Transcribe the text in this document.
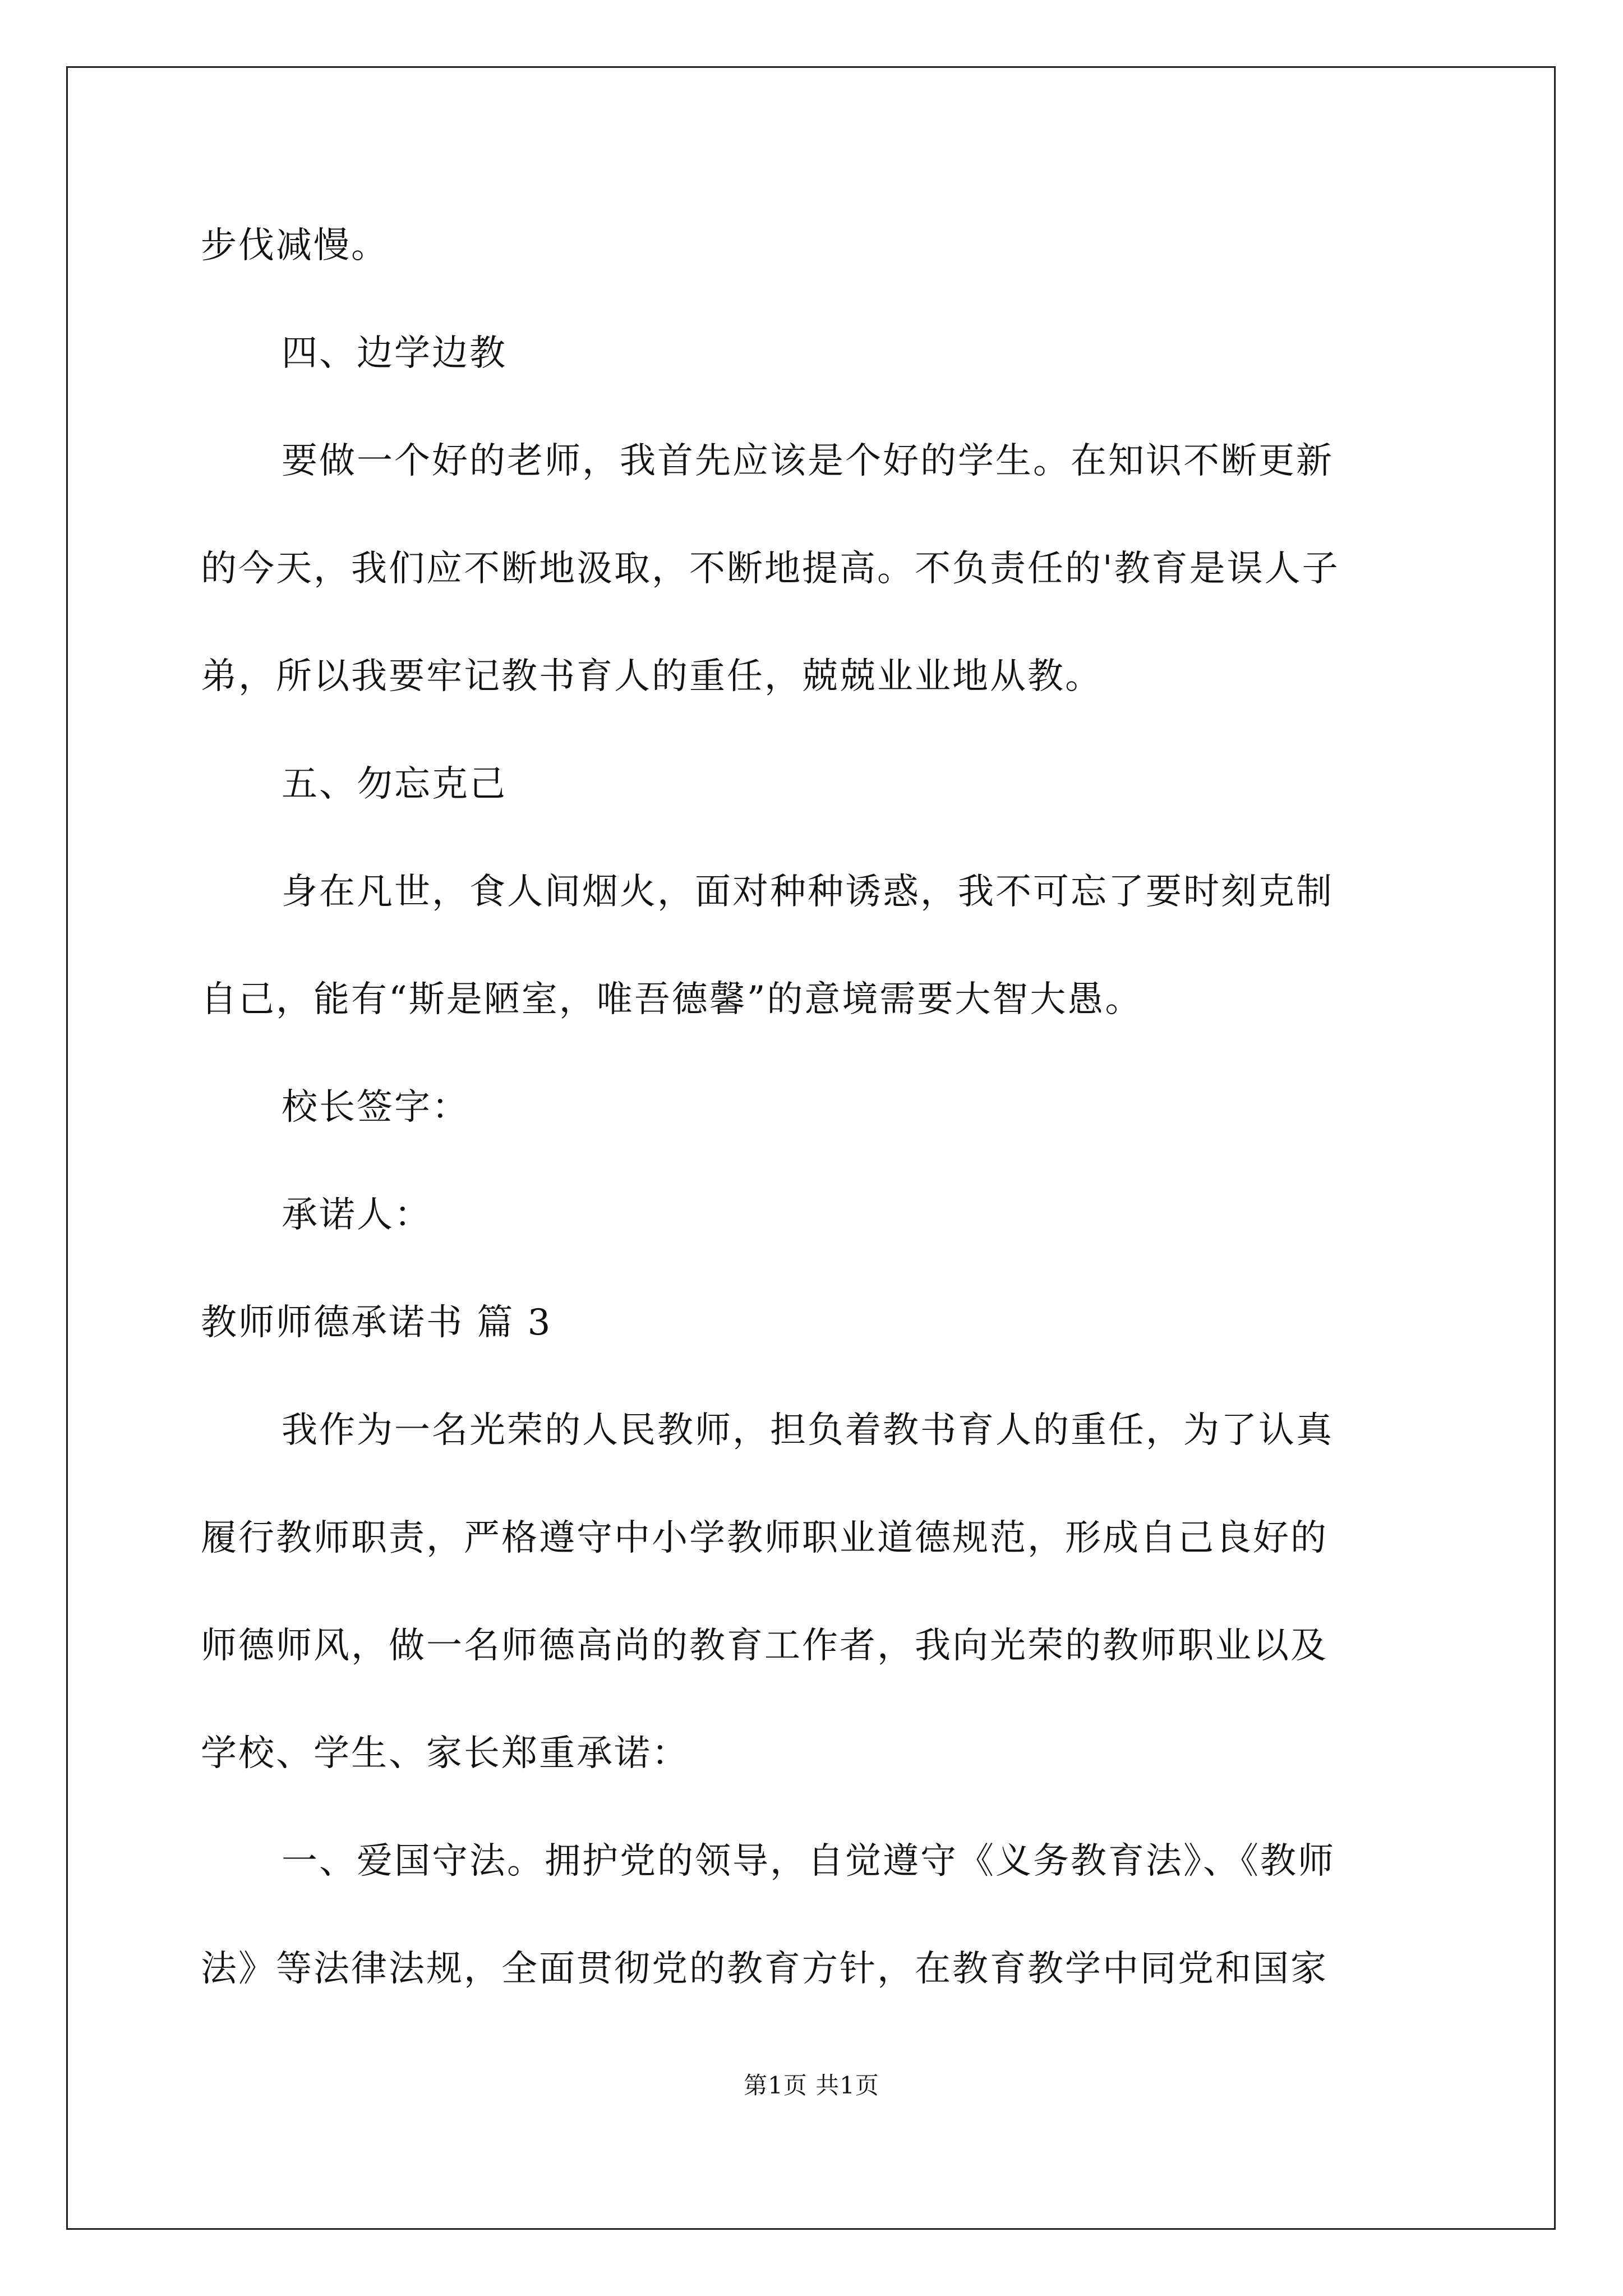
步伐减慢。
四、边学边教
要做一个好的老师，我首先应该是个好的学生。在知识不断更新
的今天，我们应不断地汲取，不断地提高。不负责任的'教育是误人子
弟，所以我要牢记教书育人的重任，兢兢业业地从教。
五、勿忘克己
身在凡世，食人间烟火，面对种种诱惑，我不可忘了要时刻克制
自己，能有“斯是陋室，唯吾德馨”的意境需要大智大愚。
校长签字：
承诺人：
教师师德承诺书 篇 3
我作为一名光荣的人民教师，担负着教书育人的重任，为了认真
履行教师职责，严格遵守中小学教师职业道德规范，形成自己良好的
师德师风，做一名师德高尚的教育工作者，我向光荣的教师职业以及
学校、学生、家长郑重承诺：
一、爱国守法。拥护党的领导，自觉遵守《义务教育法》、《教师
法》等法律法规，全面贯彻党的教育方针，在教育教学中同党和国家
第1页 共1页
